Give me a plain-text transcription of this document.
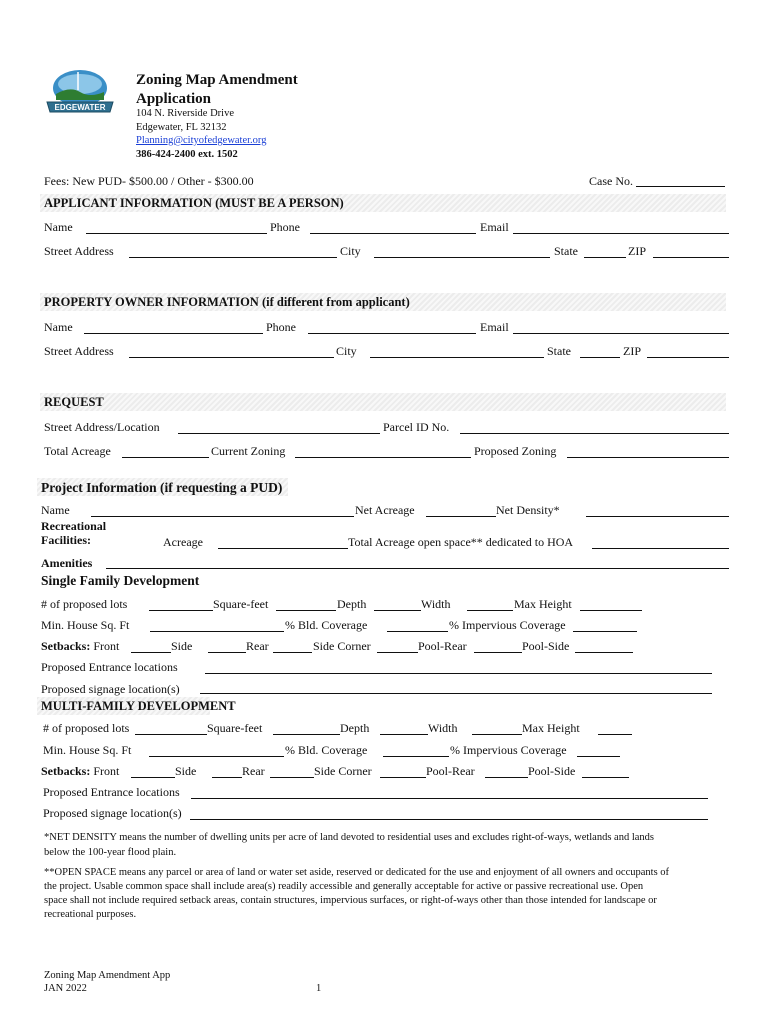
EDGEWATER
Zoning Map Amendment
Application
104 N. Riverside Drive
Edgewater, FL 32132
Planning@cityofedgewater.org
386-424-2400 ext. 1502
Fees: New PUD- $500.00 / Other - $300.00	Case No.
APPLICANT INFORMATION (MUST BE A PERSON)
Name	Phone	Email
Street Address	City	State	ZIP
PROPERTY OWNER INFORMATION (if different from applicant)
Name	Phone	Email
Street Address	City	State	ZIP
REQUEST
Street Address/Location	Parcel ID No.
Total Acreage	Current Zoning	Proposed Zoning
Project Information (if requesting a PUD)
Name	Net Acreage	Net Density*
Recreational
Facilities:	Acreage	Total Acreage open space** dedicated to HOA
Amenities
Single Family Development
# of proposed lots	Square-feet	Depth	Width	Max Height
Min. House Sq. Ft	% Bld. Coverage	% Impervious Coverage
Setbacks: Front	Side	Rear	Side Corner	Pool-Rear	Pool-Side
Proposed Entrance locations
Proposed signage location(s)
MULTI-FAMILY DEVELOPMENT
# of proposed lots	Square-feet	Depth	Width	Max Height
Min. House Sq. Ft	% Bld. Coverage	% Impervious Coverage
Setbacks: Front	Side	Rear	Side Corner	Pool-Rear	Pool-Side
Proposed Entrance locations
Proposed signage location(s)
*NET DENSITY means the number of dwelling units per acre of land devoted to residential uses and excludes right-of-ways, wetlands and lands
below the 100-year flood plain.
**OPEN SPACE means any parcel or area of land or water set aside, reserved or dedicated for the use and enjoyment of all owners and occupants of
the project. Usable common space shall include area(s) readily accessible and generally acceptable for active or passive recreational use. Open
space shall not include required setback areas, contain structures, impervious surfaces, or right-of-ways other than those intended for landscape or
recreational purposes.
Zoning Map Amendment App
JAN 2022	1
